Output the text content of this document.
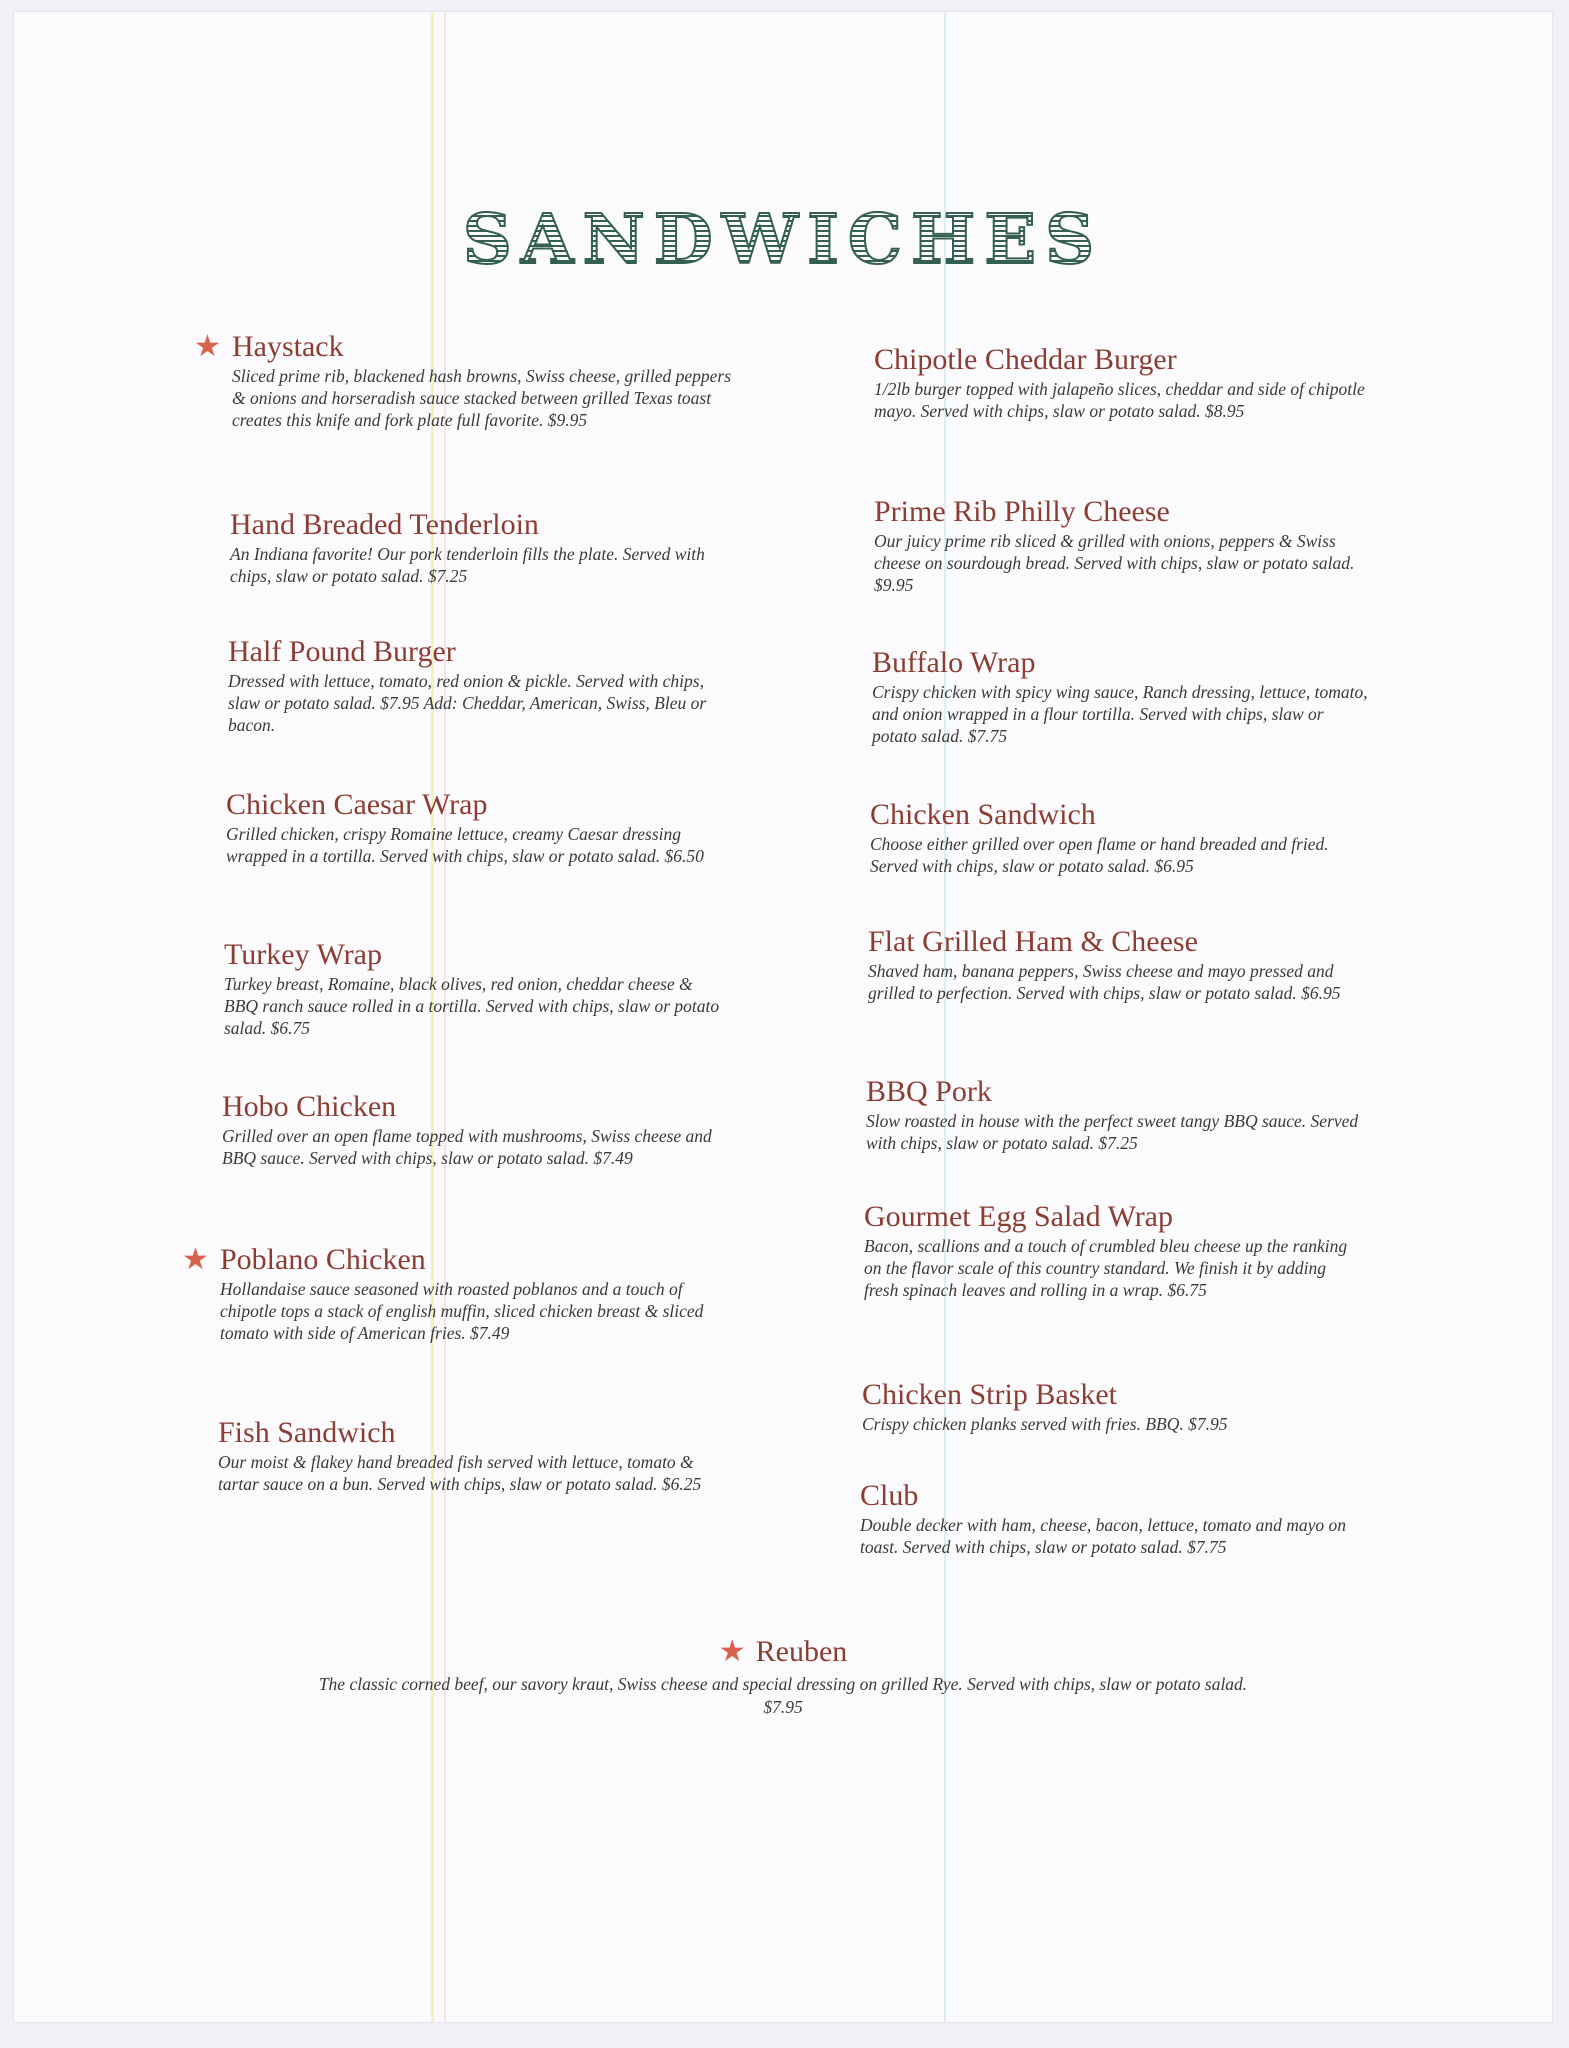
SANDWICHES
★ Haystack

Sliced prime rib, blackened hash browns, Swiss cheese, grilled peppers & onions and horseradish sauce stacked between grilled Texas toast creates this knife and fork plate full favorite. $9.95

Hand Breaded Tenderloin

An Indiana favorite! Our pork tenderloin fills the plate. Served with chips, slaw or potato salad. $7.25

Half Pound Burger

Dressed with lettuce, tomato, red onion & pickle. Served with chips, slaw or potato salad. $7.95 Add: Cheddar, American, Swiss, Bleu or bacon.

Chicken Caesar Wrap

Grilled chicken, crispy Romaine lettuce, creamy Caesar dressing wrapped in a tortilla. Served with chips, slaw or potato salad. $6.50

Turkey Wrap

Turkey breast, Romaine, black olives, red onion, cheddar cheese & BBQ ranch sauce rolled in a tortilla. Served with chips, slaw or potato salad. $6.75

Hobo Chicken

Grilled over an open flame topped with mushrooms, Swiss cheese and BBQ sauce. Served with chips, slaw or potato salad. $7.49

★ Poblano Chicken

Hollandaise sauce seasoned with roasted poblanos and a touch of chipotle tops a stack of english muffin, sliced chicken breast & sliced tomato with side of American fries. $7.49

Fish Sandwich

Our moist & flakey hand breaded fish served with lettuce, tomato & tartar sauce on a bun. Served with chips, slaw or potato salad. $6.25

Chipotle Cheddar Burger

1/2lb burger topped with jalapeño slices, cheddar and side of chipotle mayo. Served with chips, slaw or potato salad. $8.95

Prime Rib Philly Cheese

Our juicy prime rib sliced & grilled with onions, peppers & Swiss cheese on sourdough bread. Served with chips, slaw or potato salad. $9.95

Buffalo Wrap

Crispy chicken with spicy wing sauce, Ranch dressing, lettuce, tomato, and onion wrapped in a flour tortilla. Served with chips, slaw or potato salad. $7.75

Chicken Sandwich

Choose either grilled over open flame or hand breaded and fried. Served with chips, slaw or potato salad. $6.95

Flat Grilled Ham & Cheese

Shaved ham, banana peppers, Swiss cheese and mayo pressed and grilled to perfection. Served with chips, slaw or potato salad. $6.95

BBQ Pork

Slow roasted in house with the perfect sweet tangy BBQ sauce. Served with chips, slaw or potato salad. $7.25

Gourmet Egg Salad Wrap

Bacon, scallions and a touch of crumbled bleu cheese up the ranking on the flavor scale of this country standard. We finish it by adding fresh spinach leaves and rolling in a wrap. $6.75

Chicken Strip Basket

Crispy chicken planks served with fries. BBQ. $7.95

Club

Double decker with ham, cheese, bacon, lettuce, tomato and mayo on toast. Served with chips, slaw or potato salad. $7.75

★ Reuben

The classic corned beef, our savory kraut, Swiss cheese and special dressing on grilled Rye. Served with chips, slaw or potato salad.

$7.95
